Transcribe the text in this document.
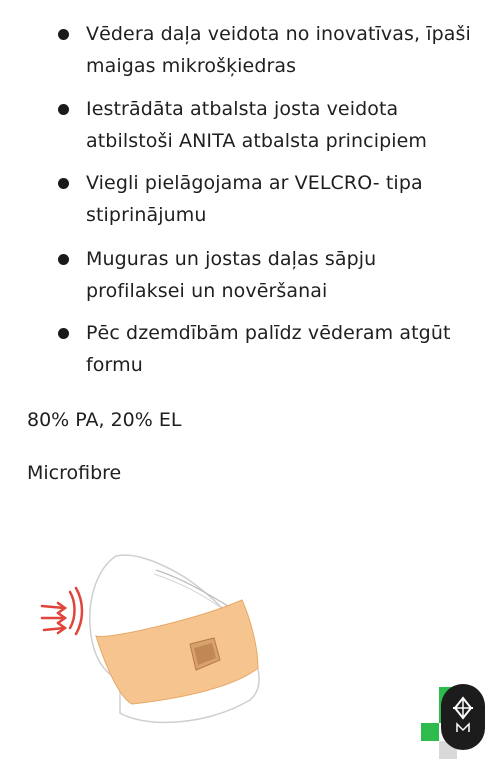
Vēdera daļa veidota no inovatīvas, īpaši
maigas mikrošķiedras
Iestrādāta atbalsta josta veidota
atbilstoši ANITA atbalsta principiem
Viegli pielāgojama ar VELCRO- tipa
stiprinājumu
Muguras un jostas daļas sāpju
profilaksei un novēršanai
Pēc dzemdībām palīdz vēderam atgūt
formu
80% PA, 20% EL
Microfibre
